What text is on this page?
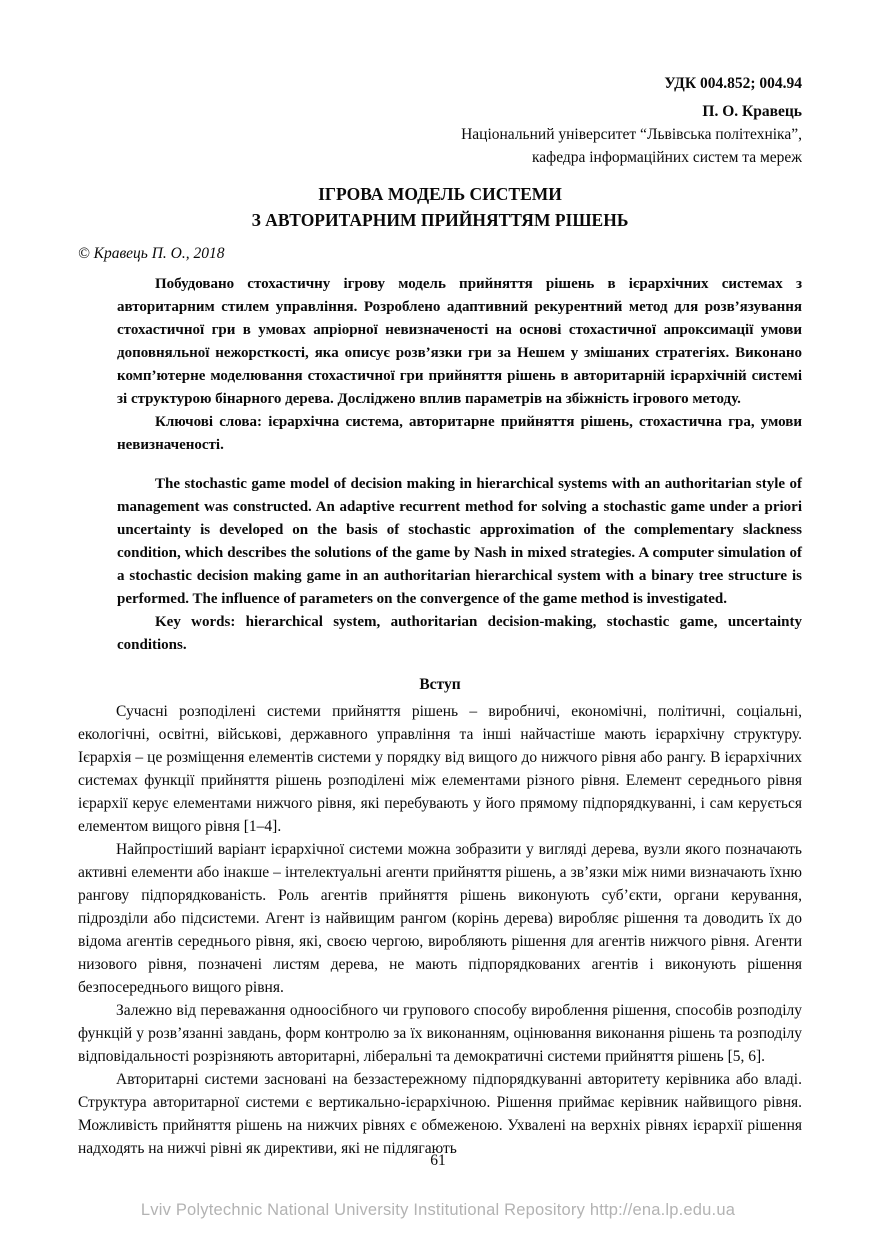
УДК 004.852; 004.94
П. О. Кравець
Національний університет “Львівська політехніка”,
кафедра інформаційних систем та мереж
ІГРОВА МОДЕЛЬ СИСТЕМИ
З АВТОРИТАРНИМ ПРИЙНЯТТЯМ РІШЕНЬ
© Кравець П. О., 2018

Побудовано стохастичну ігрову модель прийняття рішень в ієрархічних системах з авторитарним стилем управління. Розроблено адаптивний рекурентний метод для розв’язування стохастичної гри в умовах апріорної невизначеності на основі стохастичної апроксимації умови доповняльної нежорсткості, яка описує розв’язки гри за Нешем у змішаних стратегіях. Виконано комп’ютерне моделювання стохастичної гри прийняття рішень в авторитарній ієрархічній системі зі структурою бінарного дерева. Досліджено вплив параметрів на збіжність ігрового методу.

Ключові слова: ієрархічна система, авторитарне прийняття рішень, стохастична гра, умови невизначеності.

The stochastic game model of decision making in hierarchical systems with an authoritarian style of management was constructed. An adaptive recurrent method for solving a stochastic game under a priori uncertainty is developed on the basis of stochastic approximation of the complementary slackness condition, which describes the solutions of the game by Nash in mixed strategies. A computer simulation of a stochastic decision making game in an authoritarian hierarchical system with a binary tree structure is performed. The influence of parameters on the convergence of the game method is investigated.

Key words: hierarchical system, authoritarian decision-making, stochastic game, uncertainty conditions.

Вступ

Сучасні розподілені системи прийняття рішень – виробничі, економічні, політичні, соціальні, екологічні, освітні, військові, державного управління та інші найчастіше мають ієрархічну структуру. Ієрархія – це розміщення елементів системи у порядку від вищого до нижчого рівня або рангу. В ієрархічних системах функції прийняття рішень розподілені між елементами різного рівня. Елемент середнього рівня ієрархії керує елементами нижчого рівня, які перебувають у його прямому підпорядкуванні, і сам керується елементом вищого рівня [1–4].

Найпростіший варіант ієрархічної системи можна зобразити у вигляді дерева, вузли якого позначають активні елементи або інакше – інтелектуальні агенти прийняття рішень, а зв’язки між ними визначають їхню рангову підпорядкованість. Роль агентів прийняття рішень виконують суб’єкти, органи керування, підрозділи або підсистеми. Агент із найвищим рангом (корінь дерева) виробляє рішення та доводить їх до відома агентів середнього рівня, які, своєю чергою, виробляють рішення для агентів нижчого рівня. Агенти низового рівня, позначені листям дерева, не мають підпорядкованих агентів і виконують рішення безпосереднього вищого рівня.

Залежно від переважання одноосібного чи групового способу вироблення рішення, способів розподілу функцій у розв’язанні завдань, форм контролю за їх виконанням, оцінювання виконання рішень та розподілу відповідальності розрізняють авторитарні, ліберальні та демократичні системи прийняття рішень [5, 6].

Авторитарні системи засновані на беззастережному підпорядкуванні авторитету керівника або владі. Структура авторитарної системи є вертикально-ієрархічною. Рішення приймає керівник найвищого рівня. Можливість прийняття рішень на нижчих рівнях є обмеженою. Ухвалені на верхніх рівнях ієрархії рішення надходять на нижчі рівні як директиви, які не підлягають

61
Lviv Polytechnic National University Institutional Repository http://ena.lp.edu.ua
